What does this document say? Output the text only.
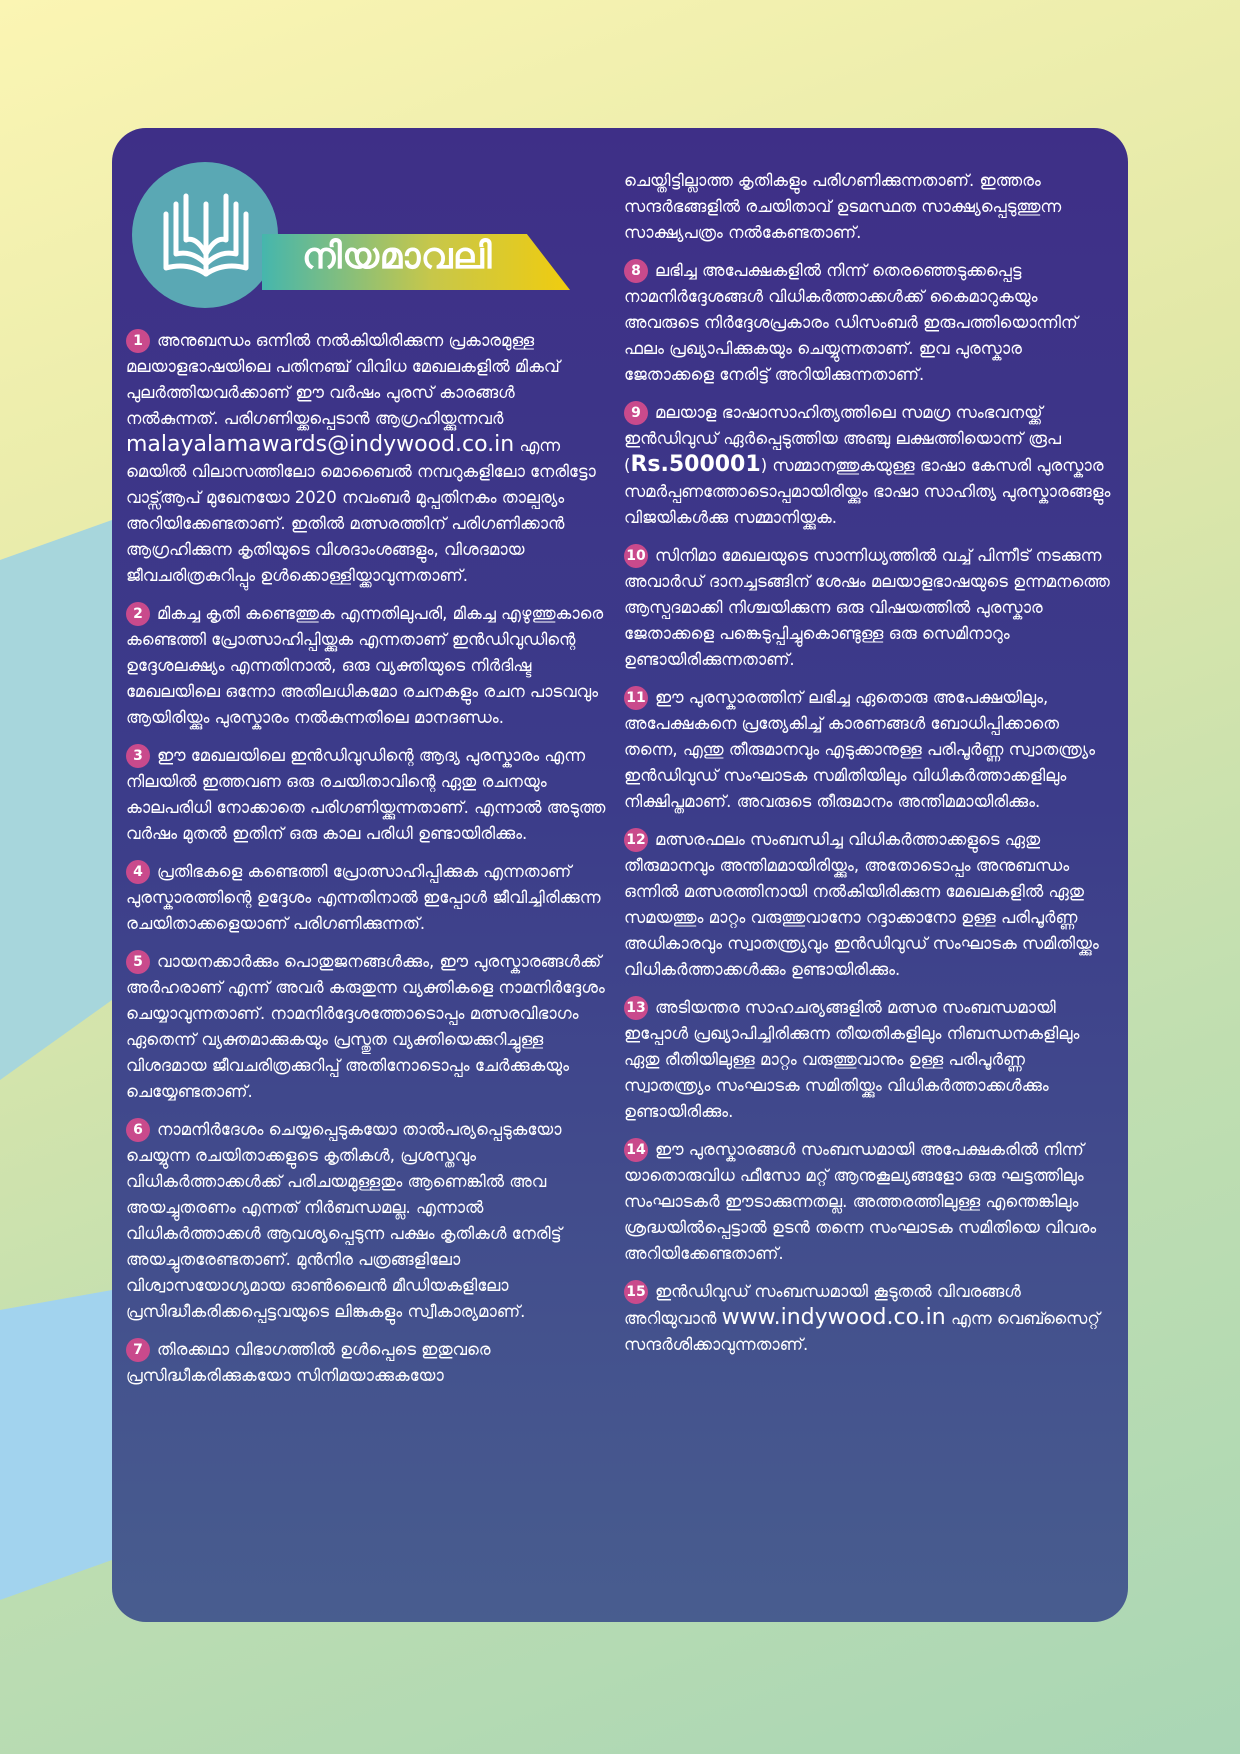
നിയമാവലി

1 അനുബന്ധം ഒന്നിൽ നൽകിയിരിക്കുന്ന പ്രകാരമുള്ള മലയാളഭാഷയിലെ പതിനഞ്ച് വിവിധ മേഖലകളിൽ മികവ് പുലർത്തിയവർക്കാണ് ഈ വർഷം പുരസ് കാരങ്ങൾ നൽകുന്നത്. പരിഗണിയ്ക്കപ്പെടാൻ ആഗ്രഹിയ്ക്കുന്നവർ malayalamawards@indywood.co.in എന്ന മെയിൽ വിലാസത്തിലോ മൊബൈൽ നമ്പറുകളിലോ നേരിട്ടോ വാട്സ്ആപ് മുഖേനയോ 2020 നവംബർ മുപ്പതിനകം താല്പര്യം അറിയിക്കേണ്ടതാണ്. ഇതിൽ മത്സരത്തിന് പരിഗണിക്കാൻ ആഗ്രഹിക്കുന്ന കൃതിയുടെ വിശദാംശങ്ങളും, വിശദമായ ജീവചരിത്രകുറിപ്പും ഉൾക്കൊള്ളിയ്ക്കാവുന്നതാണ്.

2 മികച്ച കൃതി കണ്ടെത്തുക എന്നതിലുപരി, മികച്ച എഴുത്തുകാരെ കണ്ടെത്തി പ്രോത്സാഹിപ്പിയ്ക്കുക എന്നതാണ് ഇൻഡിവുഡിന്റെ ഉദ്ദേശലക്ഷ്യം എന്നതിനാൽ, ഒരു വ്യക്തിയുടെ നിർദിഷ്ട മേഖലയിലെ ഒന്നോ അതിലധികമോ രചനകളും രചന പാടവവും ആയിരിയ്ക്കും പുരസ്കാരം നൽകുന്നതിലെ മാനദണ്ഡം.

3 ഈ മേഖലയിലെ ഇൻഡിവുഡിന്റെ ആദ്യ പുരസ്കാരം എന്ന നിലയിൽ ഇത്തവണ ഒരു രചയിതാവിന്റെ ഏതു രചനയും കാലപരിധി നോക്കാതെ പരിഗണിയ്ക്കുന്നതാണ്. എന്നാൽ അടുത്ത വർഷം മുതൽ ഇതിന് ഒരു കാല പരിധി ഉണ്ടായിരിക്കും.

4 പ്രതിഭകളെ കണ്ടെത്തി പ്രോത്സാഹിപ്പിക്കുക എന്നതാണ് പുരസ്കാരത്തിന്റെ ഉദ്ദേശം എന്നതിനാൽ ഇപ്പോൾ ജീവിച്ചിരിക്കുന്ന രചയിതാക്കളെയാണ് പരിഗണിക്കുന്നത്.

5 വായനക്കാർക്കും പൊതുജനങ്ങൾക്കും, ഈ പുരസ്കാരങ്ങൾക്ക് അർഹരാണ് എന്ന് അവർ കരുതുന്ന വ്യക്തികളെ നാമനിർദ്ദേശം ചെയ്യാവുന്നതാണ്. നാമനിർദ്ദേശത്തോടൊപ്പം മത്സരവിഭാഗം ഏതെന്ന് വ്യക്തമാക്കുകയും പ്രസ്തുത വ്യക്തിയെക്കുറിച്ചുള്ള വിശദമായ ജീവചരിത്രക്കുറിപ്പ് അതിനോടൊപ്പം ചേർക്കുകയും ചെയ്യേണ്ടതാണ്.

6 നാമനിർദേശം ചെയ്യപ്പെടുകയോ താൽപര്യപ്പെടുകയോ ചെയ്യുന്ന രചയിതാക്കളുടെ കൃതികൾ, പ്രശസ്തവും വിധികർത്താക്കൾക്ക് പരിചയമുള്ളതും ആണെങ്കിൽ അവ അയച്ചുതരണം എന്നത് നിർബന്ധമല്ല. എന്നാൽ വിധികർത്താക്കൾ ആവശ്യപ്പെടുന്ന പക്ഷം കൃതികൾ നേരിട്ട് അയച്ചുതരേണ്ടതാണ്. മുൻനിര പത്രങ്ങളിലോ വിശ്വാസയോഗ്യമായ ഓൺലൈൻ മീഡിയകളിലോ പ്രസിദ്ധീകരിക്കപ്പെട്ടവയുടെ ലിങ്കുകളും സ്വീകാര്യമാണ്.

7 തിരക്കഥാ വിഭാഗത്തിൽ ഉൾപ്പെടെ ഇതുവരെ പ്രസിദ്ധീകരിക്കുകയോ സിനിമയാക്കുകയോ

ചെയ്തിട്ടില്ലാത്ത കൃതികളും പരിഗണിക്കുന്നതാണ്. ഇത്തരം സന്ദർഭങ്ങളിൽ രചയിതാവ് ഉടമസ്ഥത സാക്ഷ്യപ്പെടുത്തുന്ന സാക്ഷ്യപത്രം നൽകേണ്ടതാണ്.

8 ലഭിച്ച അപേക്ഷകളിൽ നിന്ന് തെരഞ്ഞെടുക്കപ്പെട്ട നാമനിർദ്ദേശങ്ങൾ വിധികർത്താക്കൾക്ക് കൈമാറുകയും അവരുടെ നിർദ്ദേശപ്രകാരം ഡിസംബർ ഇരുപത്തിയൊന്നിന് ഫലം പ്രഖ്യാപിക്കുകയും ചെയ്യുന്നതാണ്. ഇവ പുരസ്കാര ജേതാക്കളെ നേരിട്ട് അറിയിക്കുന്നതാണ്.

9 മലയാള ഭാഷാസാഹിത്യത്തിലെ സമഗ്ര സംഭവനയ്ക്ക് ഇൻഡിവുഡ് ഏർപ്പെടുത്തിയ അഞ്ചു ലക്ഷത്തിയൊന്ന് രൂപ (Rs.500001) സമ്മാനത്തുകയുള്ള ഭാഷാ കേസരി പുരസ്കാര സമർപ്പണത്തോടൊപ്പമായിരിയ്ക്കും ഭാഷാ സാഹിത്യ പുരസ്കാരങ്ങളും വിജയികൾക്കു സമ്മാനിയ്ക്കുക.

10 സിനിമാ മേഖലയുടെ സാന്നിധ്യത്തിൽ വച്ച് പിന്നീട് നടക്കുന്ന അവാർഡ് ദാനച്ചടങ്ങിന് ശേഷം മലയാളഭാഷയുടെ ഉന്നമനത്തെ ആസ്പദമാക്കി നിശ്ചയിക്കുന്ന ഒരു വിഷയത്തിൽ പുരസ്കാര ജേതാക്കളെ പങ്കെടുപ്പിച്ചുകൊണ്ടുള്ള ഒരു സെമിനാറും ഉണ്ടായിരിക്കുന്നതാണ്.

11 ഈ പുരസ്കാരത്തിന് ലഭിച്ച ഏതൊരു അപേക്ഷയിലും, അപേക്ഷകനെ പ്രത്യേകിച്ച് കാരണങ്ങൾ ബോധിപ്പിക്കാതെ തന്നെ, എന്തു തീരുമാനവും എടുക്കാനുള്ള പരിപൂർണ്ണ സ്വാതന്ത്ര്യം ഇൻഡിവുഡ് സംഘാടക സമിതിയിലും വിധികർത്താക്കളിലും നിക്ഷിപ്തമാണ്. അവരുടെ തീരുമാനം അന്തിമമായിരിക്കും.

12 മത്സരഫലം സംബന്ധിച്ച വിധികർത്താക്കളുടെ ഏതു തീരുമാനവും അന്തിമമായിരിയ്ക്കും, അതോടൊപ്പം അനുബന്ധം ഒന്നിൽ മത്സരത്തിനായി നൽകിയിരിക്കുന്ന മേഖലകളിൽ ഏതു സമയത്തും മാറ്റം വരുത്തുവാനോ റദ്ദാക്കാനോ ഉള്ള പരിപൂർണ്ണ അധികാരവും സ്വാതന്ത്ര്യവും ഇൻഡിവുഡ് സംഘാടക സമിതിയ്ക്കും വിധികർത്താക്കൾക്കും ഉണ്ടായിരിക്കും.

13 അടിയന്തര സാഹചര്യങ്ങളിൽ മത്സര സംബന്ധമായി ഇപ്പോൾ പ്രഖ്യാപിച്ചിരിക്കുന്ന തീയതികളിലും നിബന്ധനകളിലും ഏതു രീതിയിലുള്ള മാറ്റം വരുത്തുവാനും ഉള്ള പരിപൂർണ്ണ സ്വാതന്ത്ര്യം സംഘാടക സമിതിയ്ക്കും വിധികർത്താക്കൾക്കും ഉണ്ടായിരിക്കും.

14 ഈ പുരസ്കാരങ്ങൾ സംബന്ധമായി അപേക്ഷകരിൽ നിന്ന് യാതൊരുവിധ ഫീസോ മറ്റ് ആനുകൂല്യങ്ങളോ ഒരു ഘട്ടത്തിലും സംഘാടകർ ഈടാക്കുന്നതല്ല. അത്തരത്തിലുള്ള എന്തെങ്കിലും ശ്രദ്ധയിൽപ്പെട്ടാൽ ഉടൻ തന്നെ സംഘാടക സമിതിയെ വിവരം അറിയിക്കേണ്ടതാണ്.

15 ഇൻഡിവുഡ് സംബന്ധമായി കൂടുതൽ വിവരങ്ങൾ അറിയുവാൻ www.indywood.co.in എന്ന വെബ്സൈറ്റ് സന്ദർശിക്കാവുന്നതാണ്.
